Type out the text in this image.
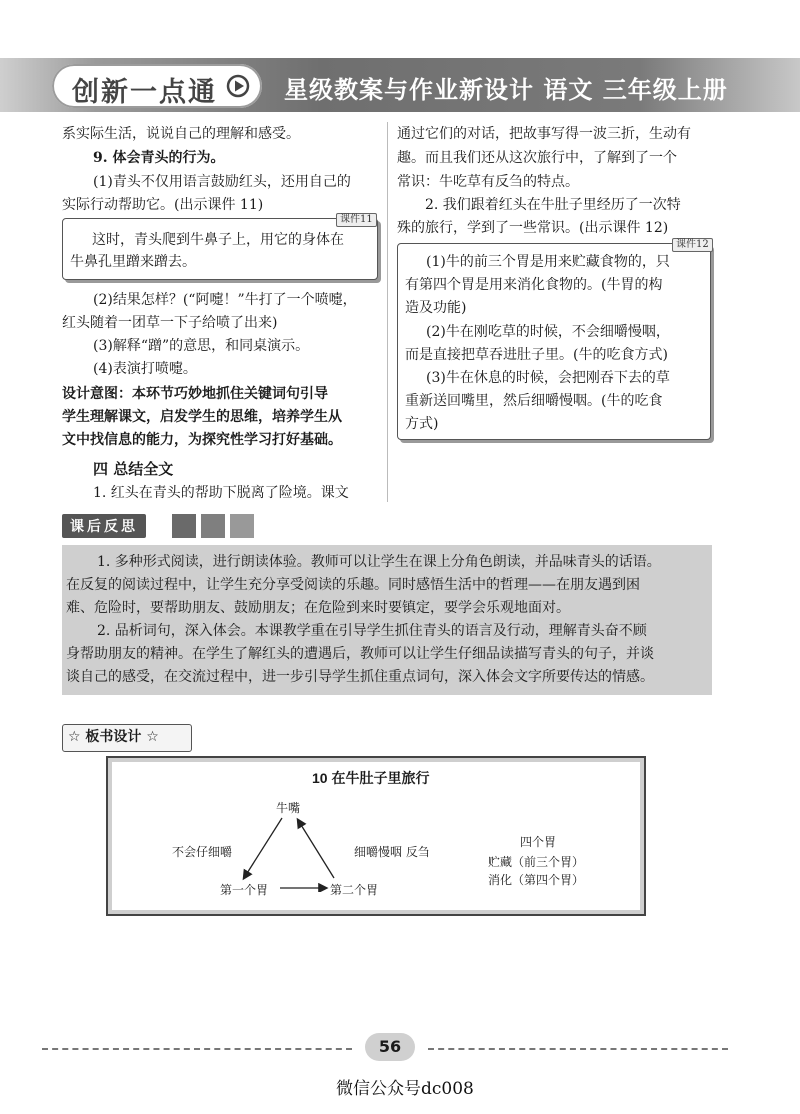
创新一点通	星级教案与作业新设计 语文 三年级上册
系实际生活，说说自己的理解和感受。
9. 体会青头的行为。
(1)青头不仅用语言鼓励红头，还用自己的
实际行动帮助它。(出示课件 11)
课件11
这时，青头爬到牛鼻子上，用它的身体在
牛鼻孔里蹭来蹭去。
(2)结果怎样？(“阿嚏！”牛打了一个喷嚏，
红头随着一团草一下子给喷了出来)
(3)解释“蹭”的意思，和同桌演示。
(4)表演打喷嚏。
设计意图：本环节巧妙地抓住关键词句引导
学生理解课文，启发学生的思维，培养学生从
文中找信息的能力，为探究性学习打好基础。
四 总结全文
1. 红头在青头的帮助下脱离了险境。课文
通过它们的对话，把故事写得一波三折，生动有
趣。而且我们还从这次旅行中，了解到了一个
常识：牛吃草有反刍的特点。
2. 我们跟着红头在牛肚子里经历了一次特
殊的旅行，学到了一些常识。(出示课件 12)
课件12
(1)牛的前三个胃是用来贮藏食物的，只
有第四个胃是用来消化食物的。(牛胃的构
造及功能)
(2)牛在刚吃草的时候，不会细嚼慢咽，
而是直接把草吞进肚子里。(牛的吃食方式)
(3)牛在休息的时候，会把刚吞下去的草
重新送回嘴里，然后细嚼慢咽。(牛的吃食
方式)
课后反思
1. 多种形式阅读，进行朗读体验。教师可以让学生在课上分角色朗读，并品味青头的话语。
在反复的阅读过程中，让学生充分享受阅读的乐趣。同时感悟生活中的哲理——在朋友遇到困
难、危险时，要帮助朋友、鼓励朋友；在危险到来时要镇定，要学会乐观地面对。
2. 品析词句，深入体会。本课教学重在引导学生抓住青头的语言及行动，理解青头奋不顾
身帮助朋友的精神。在学生了解红头的遭遇后，教师可以让学生仔细品读描写青头的句子，并谈
谈自己的感受，在交流过程中，进一步引导学生抓住重点词句，深入体会文字所要传达的情感。
☆ 板书设计 ☆
10 在牛肚子里旅行
牛嘴
不会仔细嚼
第一个胃	第二个胃
细嚼慢咽 反刍
四个胃
贮藏（前三个胃）
消化（第四个胃）
56
微信公众号dc008
